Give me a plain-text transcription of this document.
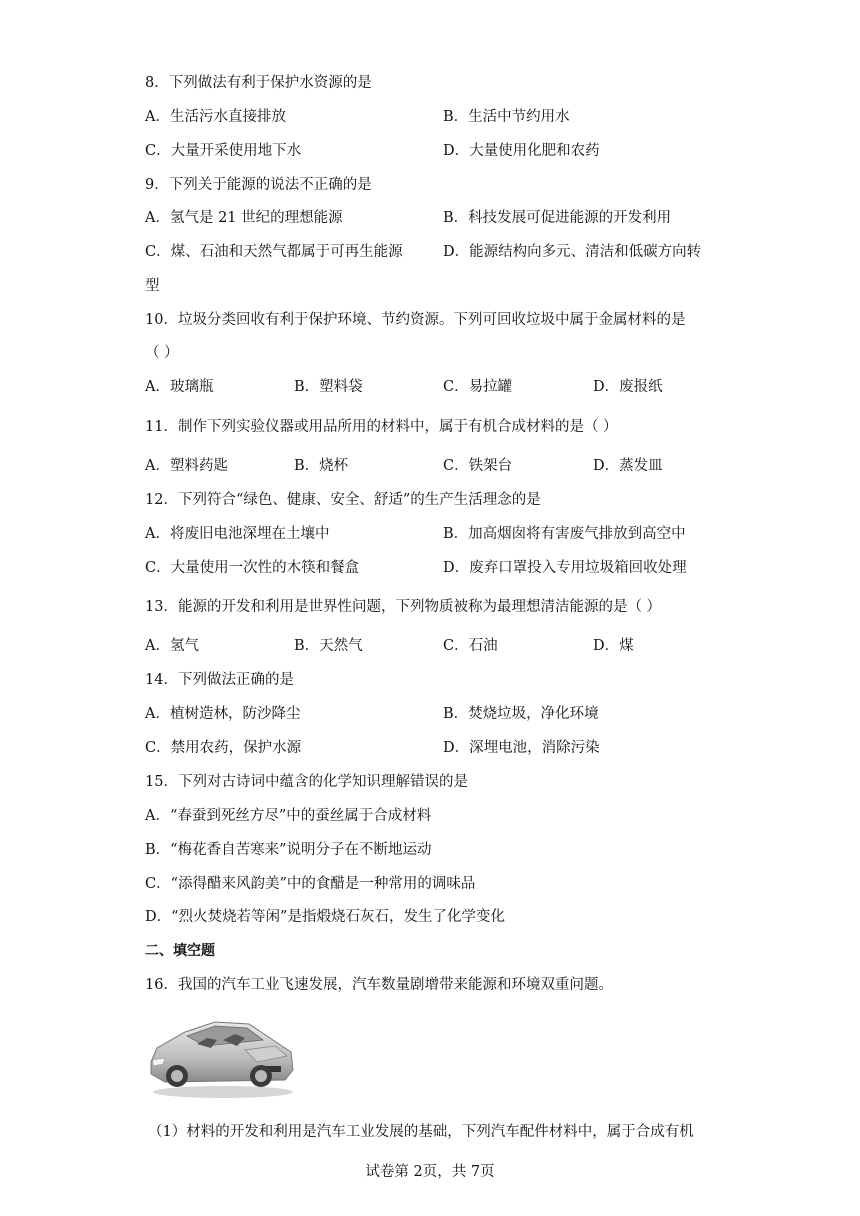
8．下列做法有利于保护水资源的是
A．生活污水直接排放	B．生活中节约用水
C．大量开采使用地下水	D．大量使用化肥和农药
9．下列关于能源的说法不正确的是
A．氢气是 21 世纪的理想能源	B．科技发展可促进能源的开发利用
C．煤、石油和天然气都属于可再生能源	D．能源结构向多元、清洁和低碳方向转
型
10．垃圾分类回收有利于保护环境、节约资源。下列可回收垃圾中属于金属材料的是
（ ）
A．玻璃瓶	B．塑料袋	C．易拉罐	D．废报纸
11．制作下列实验仪器或用品所用的材料中，属于有机合成材料的是（ ）
A．塑料药匙	B．烧杯	C．铁架台	D．蒸发皿
12．下列符合“绿色、健康、安全、舒适”的生产生活理念的是
A．将废旧电池深埋在土壤中	B．加高烟囱将有害废气排放到高空中
C．大量使用一次性的木筷和餐盒	D．废弃口罩投入专用垃圾箱回收处理
13．能源的开发和利用是世界性问题，下列物质被称为最理想清洁能源的是（ ）
A．氢气	B．天然气	C．石油	D．煤
14．下列做法正确的是
A．植树造林，防沙降尘	B．焚烧垃圾，净化环境
C．禁用农药，保护水源	D．深埋电池，消除污染
15．下列对古诗词中蕴含的化学知识理解错误的是
A．“春蚕到死丝方尽”中的蚕丝属于合成材料
B．“梅花香自苦寒来”说明分子在不断地运动
C．“添得醋来风韵美”中的食醋是一种常用的调味品
D．“烈火焚烧若等闲”是指煅烧石灰石，发生了化学变化
二、填空题
16．我国的汽车工业飞速发展，汽车数量剧增带来能源和环境双重问题。
（1）材料的开发和利用是汽车工业发展的基础，下列汽车配件材料中，属于合成有机
试卷第 2页，共 7页
